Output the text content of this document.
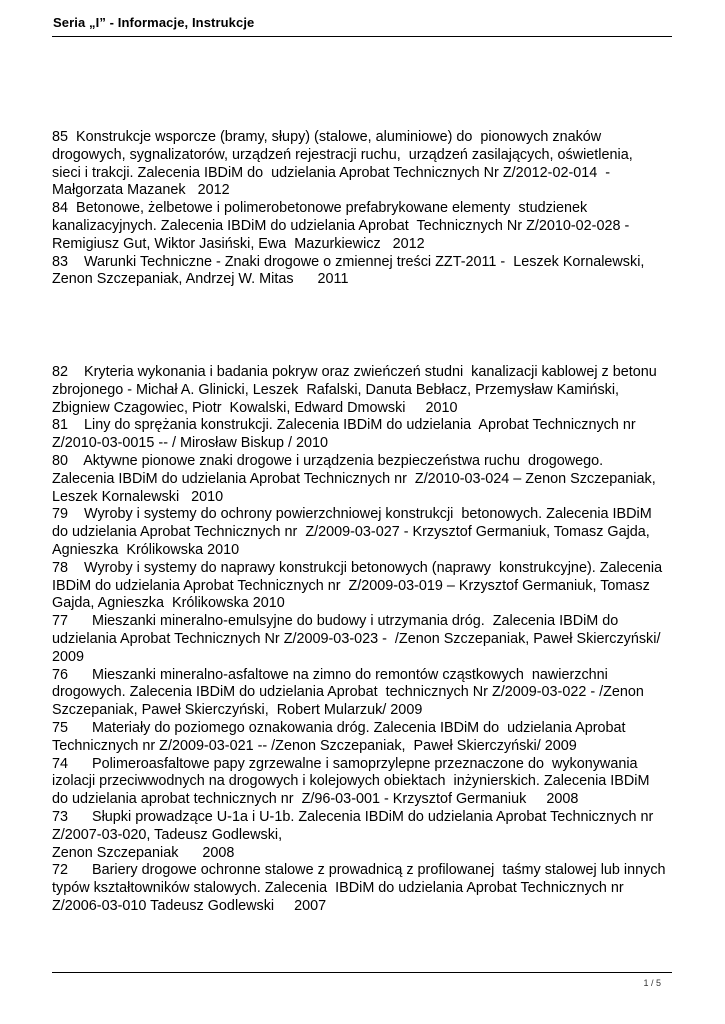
Seria „I” - Informacje, Instrukcje

85  Konstrukcje wsporcze (bramy, słupy) (stalowe, aluminiowe) do  pionowych znaków

drogowych, sygnalizatorów, urządzeń rejestracji ruchu,  urządzeń zasilających, oświetlenia,

sieci i trakcji. Zalecenia IBDiM do  udzielania Aprobat Technicznych Nr Z/2012-02-014  -

Małgorzata Mazanek   2012

84  Betonowe, żelbetowe i polimerobetonowe prefabrykowane elementy  studzienek

kanalizacyjnych. Zalecenia IBDiM do udzielania Aprobat  Technicznych Nr Z/2010-02-028 -

Remigiusz Gut, Wiktor Jasiński, Ewa  Mazurkiewicz   2012

83    Warunki Techniczne - Znaki drogowe o zmiennej treści ZZT-2011 -  Leszek Kornalewski,

Zenon Szczepaniak, Andrzej W. Mitas      2011

82    Kryteria wykonania i badania pokryw oraz zwieńczeń studni  kanalizacji kablowej z betonu

zbrojonego - Michał A. Glinicki, Leszek  Rafalski, Danuta Bebłacz, Przemysław Kamiński,

Zbigniew Czagowiec, Piotr  Kowalski, Edward Dmowski     2010

81    Liny do sprężania konstrukcji. Zalecenia IBDiM do udzielania  Aprobat Technicznych nr

Z/2010-03-0015 -- / Mirosław Biskup / 2010

80    Aktywne pionowe znaki drogowe i urządzenia bezpieczeństwa ruchu  drogowego.

Zalecenia IBDiM do udzielania Aprobat Technicznych nr  Z/2010-03-024 – Zenon Szczepaniak,

Leszek Kornalewski   2010

79    Wyroby i systemy do ochrony powierzchniowej konstrukcji  betonowych. Zalecenia IBDiM

do udzielania Aprobat Technicznych nr  Z/2009-03-027 - Krzysztof Germaniuk, Tomasz Gajda,

Agnieszka  Królikowska 2010

78    Wyroby i systemy do naprawy konstrukcji betonowych (naprawy  konstrukcyjne). Zalecenia

IBDiM do udzielania Aprobat Technicznych nr  Z/2009-03-019 – Krzysztof Germaniuk, Tomasz

Gajda, Agnieszka  Królikowska 2010

77      Mieszanki mineralno-emulsyjne do budowy i utrzymania dróg.  Zalecenia IBDiM do

udzielania Aprobat Technicznych Nr Z/2009-03-023 -  /Zenon Szczepaniak, Paweł Skierczyński/

2009

76      Mieszanki mineralno-asfaltowe na zimno do remontów cząstkowych  nawierzchni

drogowych. Zalecenia IBDiM do udzielania Aprobat  technicznych Nr Z/2009-03-022 - /Zenon

Szczepaniak, Paweł Skierczyński,  Robert Mularzuk/ 2009

75      Materiały do poziomego oznakowania dróg. Zalecenia IBDiM do  udzielania Aprobat

Technicznych nr Z/2009-03-021 -- /Zenon Szczepaniak,  Paweł Skierczyński/ 2009

74      Polimeroasfaltowe papy zgrzewalne i samoprzylepne przeznaczone do  wykonywania

izolacji przeciwwodnych na drogowych i kolejowych obiektach  inżynierskich. Zalecenia IBDiM

do udzielania aprobat technicznych nr  Z/96-03-001 - Krzysztof Germaniuk     2008

73      Słupki prowadzące U-1a i U-1b. Zalecenia IBDiM do udzielania Aprobat Technicznych nr

Z/2007-03-020, Tadeusz Godlewski,

Zenon Szczepaniak      2008

72      Bariery drogowe ochronne stalowe z prowadnicą z profilowanej  taśmy stalowej lub innych

typów kształtowników stalowych. Zalecenia  IBDiM do udzielania Aprobat Technicznych nr

Z/2006-03-010 Tadeusz Godlewski     2007

1 / 5
